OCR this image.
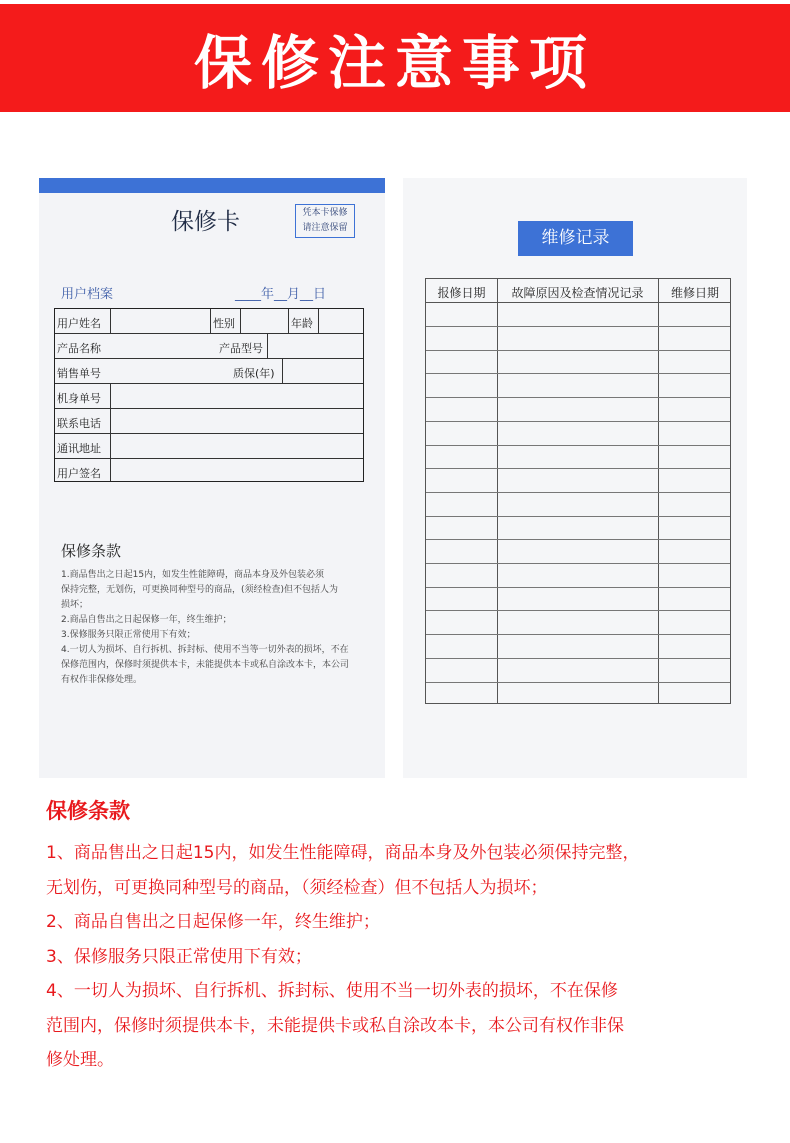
保修注意事项
保修卡	凭本卡保修
请注意保留
用户档案	____年__月__日
用户姓名	性别	年龄
产品名称	产品型号
销售单号	质保(年)
机身单号
联系电话
通讯地址
用户签名
保修条款
1.商品售出之日起15内，如发生性能障碍，商品本身及外包装必须
保持完整，无划伤，可更换同种型号的商品，(须经检查)但不包括人为
损坏；
2.商品自售出之日起保修一年，终生维护；
3.保修服务只限正常使用下有效；
4.一切人为损坏、自行拆机、拆封标、使用不当等一切外表的损坏，不在
保修范围内，保修时须提供本卡，未能提供本卡或私自涂改本卡，本公司
有权作非保修处理。
维修记录
报修日期	故障原因及检查情况记录	维修日期
保修条款

1、商品售出之日起15内，如发生性能障碍，商品本身及外包装必须保持完整，

无划伤，可更换同种型号的商品，（须经检查）但不包括人为损坏；

2、商品自售出之日起保修一年，终生维护；

3、保修服务只限正常使用下有效；

4、一切人为损坏、自行拆机、拆封标、使用不当一切外表的损坏，不在保修

范围内，保修时须提供本卡，未能提供卡或私自涂改本卡，本公司有权作非保

修处理。
